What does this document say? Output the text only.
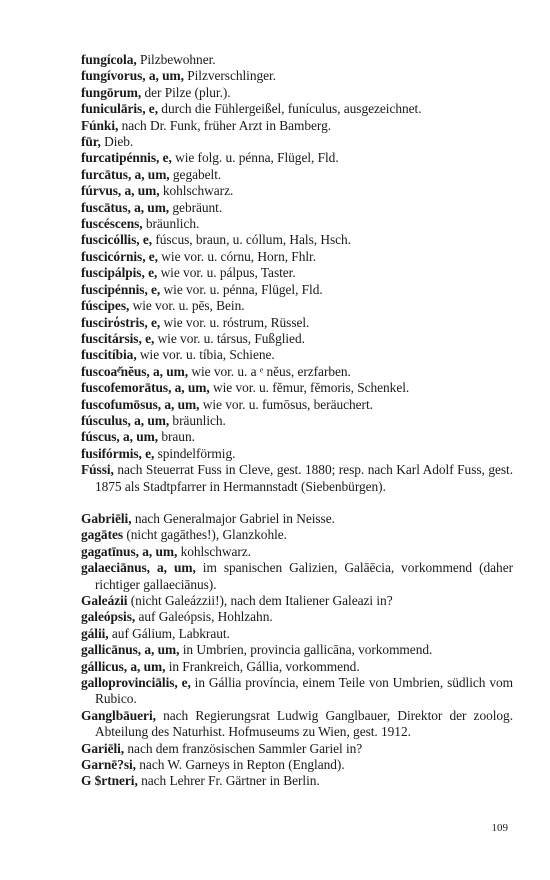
fungícola, Pilzbewohner.
fungívorus, a, um, Pilzverschlinger.
fungōrum, der Pilze (plur.).
funiculāris, e, durch die Fühlergeißel, funículus, ausgezeichnet.
Fúnki, nach Dr. Funk, früher Arzt in Bamberg.
fūr, Dieb.
furcatipénnis, e, wie folg. u. pénna, Flügel, Fld.
furcātus, a, um, gegabelt.
fúrvus, a, um, kohlschwarz.
fuscātus, a, um, gebräunt.
fuscéscens, bräunlich.
fuscicóllis, e, fúscus, braun, u. cóllum, Hals, Hsch.
fuscicórnis, e, wie vor. u. córnu, Horn, Fhlr.
fuscipálpis, e, wie vor. u. pálpus, Taster.
fuscipénnis, e, wie vor. u. pénna, Flügel, Fld.
fúscipes, wie vor. u. pēs, Bein.
fuscirόstris, e, wie vor. u. róstrum, Rüssel.
fuscitársis, e, wie vor. u. társus, Fußglied.
fuscitíbia, wie vor. u. tíbia, Schiene.
fuscoaᵉ̆nĕus, a, um, wie vor. u. a ᵉ nĕus, erzfarben.
fuscofemorātus, a, um, wie vor. u. fĕmur, fĕmoris, Schenkel.
fuscofumōsus, a, um, wie vor. u. fumōsus, beräuchert.
fúsculus, a, um, bräunlich.
fúscus, a, um, braun.
fusifórmis, e, spindelförmig.
Fússi, nach Steuerrat Fuss in Cleve, gest. 1880; resp. nach Karl Adolf Fuss, gest. 1875 als Stadtpfarrer in Hermannstadt (Siebenbürgen).
Gabriēli, nach Generalmajor Gabriel in Neisse.
gagātes (nicht gagāthes!), Glanzkohle.
gagatīnus, a, um, kohlschwarz.
galaeciānus, a, um, im spanischen Galizien, Galāēcia, vorkommend (daher richtiger gallaeciānus).
Galeázii (nicht Galeázzii!), nach dem Italiener Galeazi in?
galeópsis, auf Galeópsis, Hohlzahn.
gálii, auf Gálium, Labkraut.
gallicānus, a, um, in Umbrien, provincia gallicāna, vorkommend.
gállicus, a, um, in Frankreich, Gállia, vorkommend.
galloprovinciālis, e, in Gállia província, einem Teile von Umbrien, südlich vom Rubico.
Ganglbāueri, nach Regierungsrat Ludwig Ganglbauer, Direktor der zoolog. Abteilung des Naturhist. Hofmuseums zu Wien, gest. 1912.
Gariēli, nach dem französischen Sammler Gariel in?
Garnē?si, nach W. Garneys in Repton (England).
G $rtneri, nach Lehrer Fr. Gärtner in Berlin.
109
